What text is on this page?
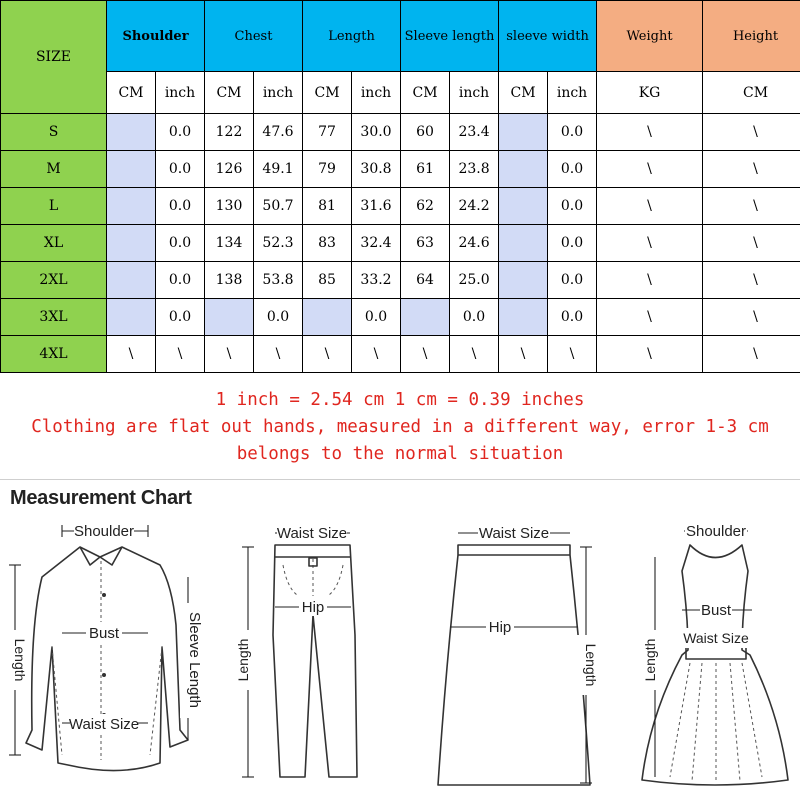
SIZE	Shoulder		Chest		Length		Sleeve length		sleeve width		Weight	Height
	CM	inch	CM	inch	CM	inch	CM	inch	CM	inch	KG	CM
S		0.0	122	47.6	77	30.0	60	23.4		0.0	\	\
M		0.0	126	49.1	79	30.8	61	23.8		0.0	\	\
L		0.0	130	50.7	81	31.6	62	24.2		0.0	\	\
XL		0.0	134	52.3	83	32.4	63	24.6		0.0	\	\
2XL		0.0	138	53.8	85	33.2	64	25.0		0.0	\	\
3XL		0.0		0.0		0.0		0.0		0.0	\	\
4XL	\	\	\	\	\	\	\	\	\	\	\	\
1 inch = 2.54 cm 1 cm = 0.39 inches
Clothing are flat out hands, measured in a different way, error 1-3 cm
belongs to the normal situation
Measurement Chart
Shoulder
Bust
Waist Size
Length	Sleeve Length
Waist Size
Hip
Length
Waist Size
Hip
Length
Shoulder
Bust
Waist Size
Length
